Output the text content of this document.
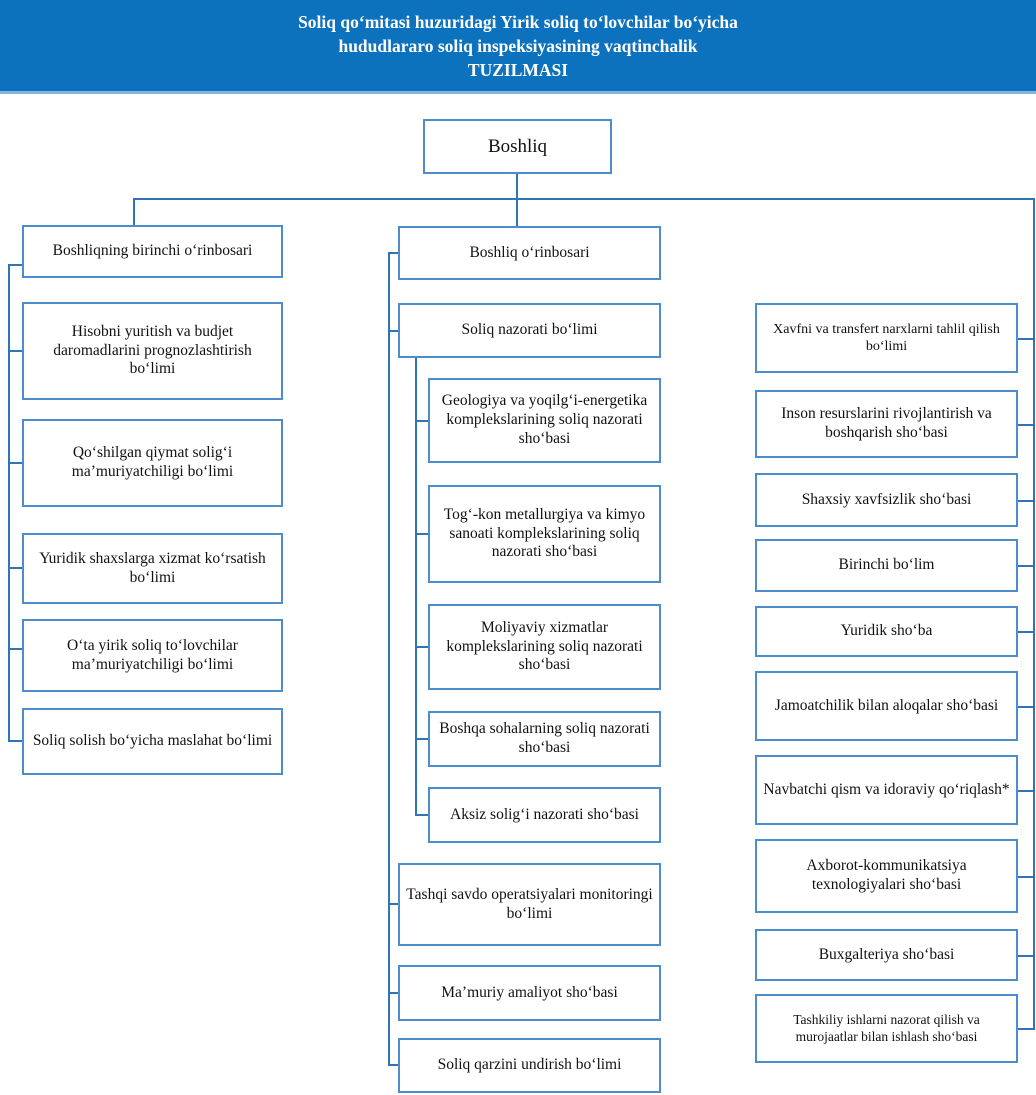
Soliq qo‘mitasi huzuridagi Yirik soliq to‘lovchilar bo‘yicha
hududlararo soliq inspeksiyasining vaqtinchalik
TUZILMASI
Boshliq
Boshliqning birinchi o‘rinbosari
Hisobni yuritish va budjet daromadlarini prognozlashtirish bo‘limi
Qo‘shilgan qiymat solig‘i ma’muriyatchiligi bo‘limi
Yuridik shaxslarga xizmat ko‘rsatish bo‘limi
O‘ta yirik soliq to‘lovchilar ma’muriyatchiligi bo‘limi
Soliq solish bo‘yicha maslahat bo‘limi
Boshliq o‘rinbosari
Soliq nazorati bo‘limi
Geologiya va yoqilg‘i-energetika komplekslarining soliq nazorati sho‘basi
Tog‘-kon metallurgiya va kimyo sanoati komplekslarining soliq nazorati sho‘basi
Moliyaviy xizmatlar komplekslarining soliq nazorati sho‘basi
Boshqa sohalarning soliq nazorati sho‘basi
Aksiz solig‘i nazorati sho‘basi
Tashqi savdo operatsiyalari monitoringi bo‘limi
Ma’muriy amaliyot sho‘basi
Soliq qarzini undirish bo‘limi
Xavfni va transfert narxlarni tahlil qilish bo‘limi
Inson resurslarini rivojlantirish va boshqarish sho‘basi
Shaxsiy xavfsizlik sho‘basi
Birinchi bo‘lim
Yuridik sho‘ba
Jamoatchilik bilan aloqalar sho‘basi
Navbatchi qism va idoraviy qo‘riqlash*
Axborot-kommunikatsiya texnologiyalari sho‘basi
Buxgalteriya sho‘basi
Tashkiliy ishlarni nazorat qilish va murojaatlar bilan ishlash sho‘basi
